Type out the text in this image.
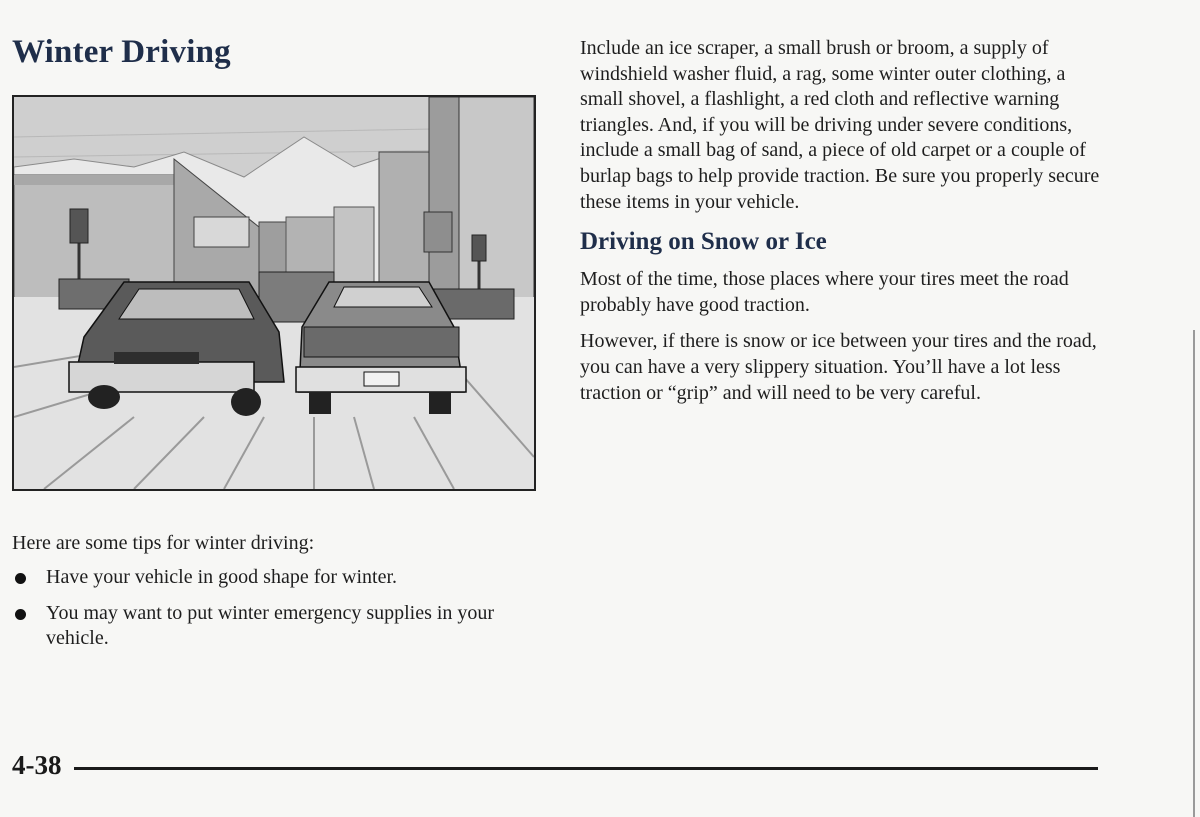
Winter Driving

Here are some tips for winter driving:

Have your vehicle in good shape for winter.
You may want to put winter emergency supplies in your vehicle.

Include an ice scraper, a small brush or broom, a supply of windshield washer fluid, a rag, some winter outer clothing, a small shovel, a flashlight, a red cloth and reflective warning triangles. And, if you will be driving under severe conditions, include a small bag of sand, a piece of old carpet or a couple of burlap bags to help provide traction. Be sure you properly secure these items in your vehicle.

Driving on Snow or Ice

Most of the time, those places where your tires meet the road probably have good traction.

However, if there is snow or ice between your tires and the road, you can have a very slippery situation. You’ll have a lot less traction or “grip” and will need to be very careful.

4-38
